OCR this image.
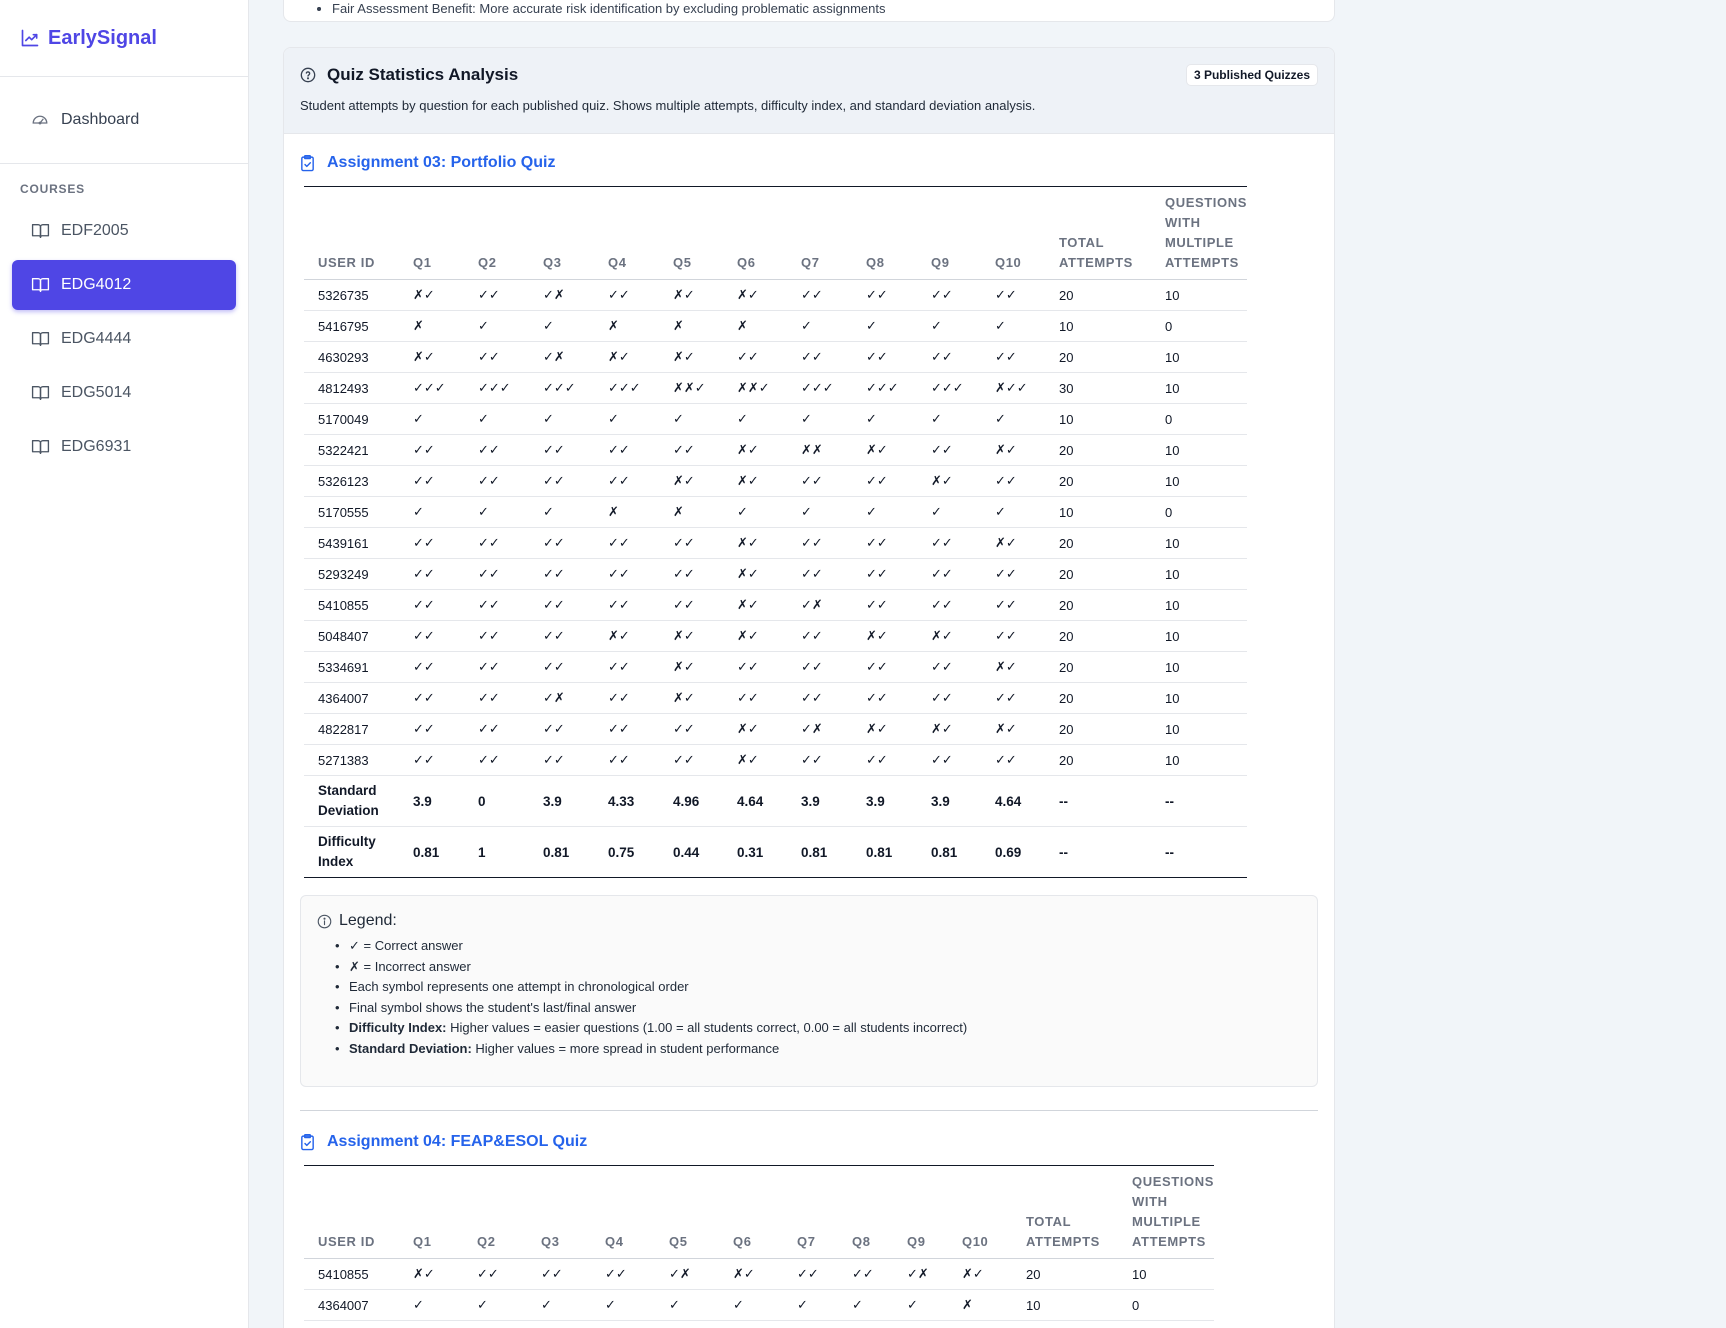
EarlySignal
Dashboard
COURSES
EDF2005
EDG4012
EDG4444
EDG5014
EDG6931
• • Fair Assessment Benefit: More accurate risk identification by excluding problematic assignments
Quiz Statistics Analysis
Student attempts by question for each published quiz. Shows multiple attempts, difficulty index, and standard deviation analysis.
3 Published Quizzes
Assignment 03: Portfolio Quiz
USER ID	Q1	Q2	Q3	Q4	Q5	Q6	Q7	Q8	Q9	Q10	TOTAL ATTEMPTS	QUESTIONS WITH MULTIPLE ATTEMPTS
5326735	✗✓	✓✓	✓✗	✓✓	✗✓	✗✓	✓✓	✓✓	✓✓	✓✓	20	10
5416795	✗	✓	✓	✗	✗	✗	✓	✓	✓	✓	10	0
4630293	✗✓	✓✓	✓✗	✗✓	✗✓	✓✓	✓✓	✓✓	✓✓	✓✓	20	10
4812493	✓✓✓	✓✓✓	✓✓✓	✓✓✓	✗✗✓	✗✗✓	✓✓✓	✓✓✓	✓✓✓	✗✓✓	30	10
5170049	✓	✓	✓	✓	✓	✓	✓	✓	✓	✓	10	0
5322421	✓✓	✓✓	✓✓	✓✓	✓✓	✗✓	✗✗	✗✓	✓✓	✗✓	20	10
5326123	✓✓	✓✓	✓✓	✓✓	✗✓	✗✓	✓✓	✓✓	✗✓	✓✓	20	10
5170555	✓	✓	✓	✗	✗	✓	✓	✓	✓	✓	10	0
5439161	✓✓	✓✓	✓✓	✓✓	✓✓	✗✓	✓✓	✓✓	✓✓	✗✓	20	10
5293249	✓✓	✓✓	✓✓	✓✓	✓✓	✗✓	✓✓	✓✓	✓✓	✓✓	20	10
5410855	✓✓	✓✓	✓✓	✓✓	✓✓	✗✓	✓✗	✓✓	✓✓	✓✓	20	10
5048407	✓✓	✓✓	✓✓	✗✓	✗✓	✗✓	✓✓	✗✓	✗✓	✓✓	20	10
5334691	✓✓	✓✓	✓✓	✓✓	✗✓	✓✓	✓✓	✓✓	✓✓	✗✓	20	10
4364007	✓✓	✓✓	✓✗	✓✓	✗✓	✓✓	✓✓	✓✓	✓✓	✓✓	20	10
4822817	✓✓	✓✓	✓✓	✓✓	✓✓	✗✓	✓✗	✗✓	✗✓	✗✓	20	10
5271383	✓✓	✓✓	✓✓	✓✓	✓✓	✗✓	✓✓	✓✓	✓✓	✓✓	20	10
Standard Deviation	3.9	0	3.9	4.33	4.96	4.64	3.9	3.9	3.9	4.64	--	--
Difficulty Index	0.81	1	0.81	0.75	0.44	0.31	0.81	0.81	0.81	0.69	--	--
Legend:
• ✓ = Correct answer
• ✗ = Incorrect answer
• Each symbol represents one attempt in chronological order
• Final symbol shows the student's last/final answer
• Difficulty Index: Higher values = easier questions (1.00 = all students correct, 0.00 = all students incorrect)
• Standard Deviation: Higher values = more spread in student performance
Assignment 04: FEAP&ESOL Quiz
USER ID	Q1	Q2	Q3	Q4	Q5	Q6	Q7	Q8	Q9	Q10	TOTAL ATTEMPTS	QUESTIONS WITH MULTIPLE ATTEMPTS
5410855	✗✓	✓✓	✓✓	✓✓	✓✗	✗✓	✓✓	✓✓	✓✗	✗✓	20	10
4364007	✓	✓	✓	✓	✓	✓	✓	✓	✓	✗	10	0
